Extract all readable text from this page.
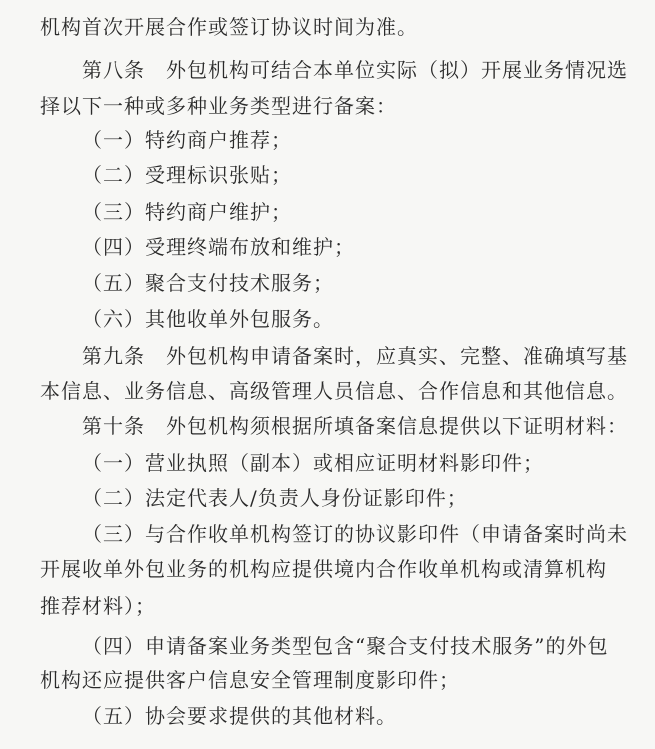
机构首次开展合作或签订协议时间为准。
第八条　外包机构可结合本单位实际（拟）开展业务情况选
择以下一种或多种业务类型进行备案：
（一）特约商户推荐；
（二）受理标识张贴；
（三）特约商户维护；
（四）受理终端布放和维护；
（五）聚合支付技术服务；
（六）其他收单外包服务。
第九条　外包机构申请备案时，应真实、完整、准确填写基
本信息、业务信息、高级管理人员信息、合作信息和其他信息。
第十条　外包机构须根据所填备案信息提供以下证明材料：
（一）营业执照（副本）或相应证明材料影印件；
（二）法定代表人/负责人身份证影印件；
（三）与合作收单机构签订的协议影印件（申请备案时尚未
开展收单外包业务的机构应提供境内合作收单机构或清算机构
推荐材料）；
（四）申请备案业务类型包含“聚合支付技术服务”的外包
机构还应提供客户信息安全管理制度影印件；
（五）协会要求提供的其他材料。
